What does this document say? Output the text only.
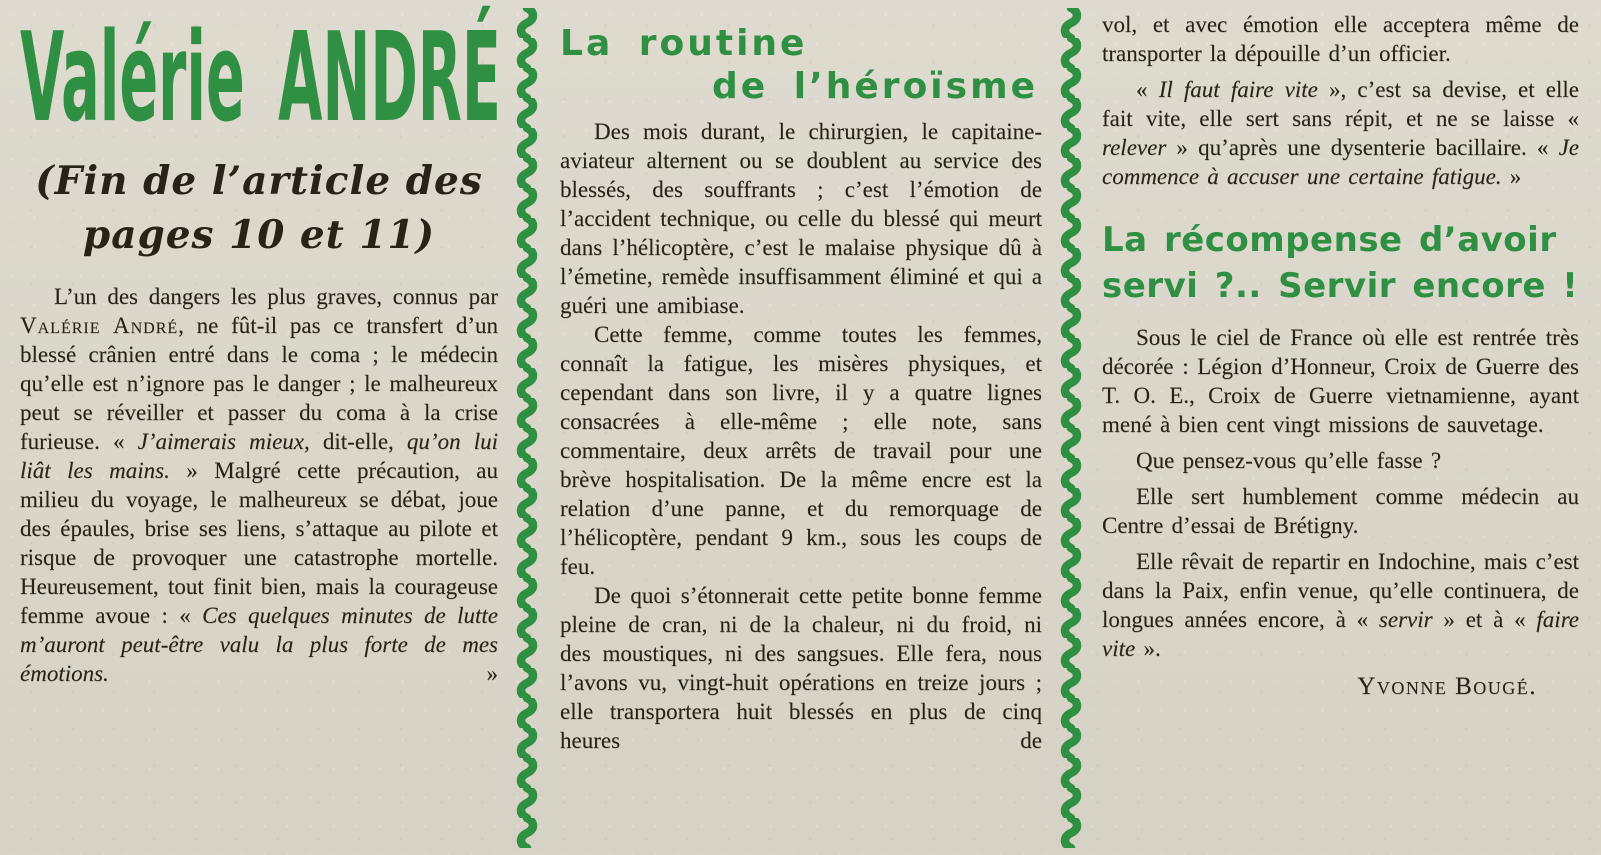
Valérie ANDRÉ
(Fin de l’article des
pages 10 et 11)

L’un des dangers les plus graves, connus par Valérie André, ne fût-il pas ce transfert d’un blessé crânien entré dans le coma ; le médecin qu’elle est n’ignore pas le danger ; le malheureux peut se réveiller et passer du coma à la crise furieuse. « J’aimerais mieux, dit-elle, qu’on lui liât les mains. » Malgré cette précaution, au milieu du voyage, le malheureux se débat, joue des épaules, brise ses liens, s’attaque au pilote et risque de provoquer une catastrophe mortelle. Heureusement, tout finit bien, mais la courageuse femme avoue : « Ces quelques minutes de lutte m’auront peut-être valu la plus forte de mes émotions. »

La routine
de l’héroïsme

Des mois durant, le chirurgien, le capitaine-aviateur alternent ou se doublent au service des blessés, des souffrants ; c’est l’émotion de l’accident technique, ou celle du blessé qui meurt dans l’hélicoptère, c’est le malaise physique dû à l’émetine, remède insuffisamment éliminé et qui a guéri une amibiase.

Cette femme, comme toutes les femmes, connaît la fatigue, les misères physiques, et cependant dans son livre, il y a quatre lignes consacrées à elle-même ; elle note, sans commentaire, deux arrêts de travail pour une brève hospitalisation. De la même encre est la relation d’une panne, et du remorquage de l’hélicoptère, pendant 9 km., sous les coups de feu.

De quoi s’étonnerait cette petite bonne femme pleine de cran, ni de la chaleur, ni du froid, ni des moustiques, ni des sangsues. Elle fera, nous l’avons vu, vingt-huit opérations en treize jours ; elle transportera huit blessés en plus de cinq heures de

vol, et avec émotion elle acceptera même de transporter la dépouille d’un officier.

« Il faut faire vite », c’est sa devise, et elle fait vite, elle sert sans répit, et ne se laisse « relever » qu’après une dysenterie bacillaire. « Je commence à accuser une certaine fatigue. »

La récompense d’avoir
servi ?.. Servir encore !

Sous le ciel de France où elle est rentrée très décorée : Légion d’Honneur, Croix de Guerre des T. O. E., Croix de Guerre vietnamienne, ayant mené à bien cent vingt missions de sauvetage.

Que pensez-vous qu’elle fasse ?

Elle sert humblement comme médecin au Centre d’essai de Brétigny.

Elle rêvait de repartir en Indochine, mais c’est dans la Paix, enfin venue, qu’elle continuera, de longues années encore, à « servir » et à « faire vite ».

Yvonne Bougé.
